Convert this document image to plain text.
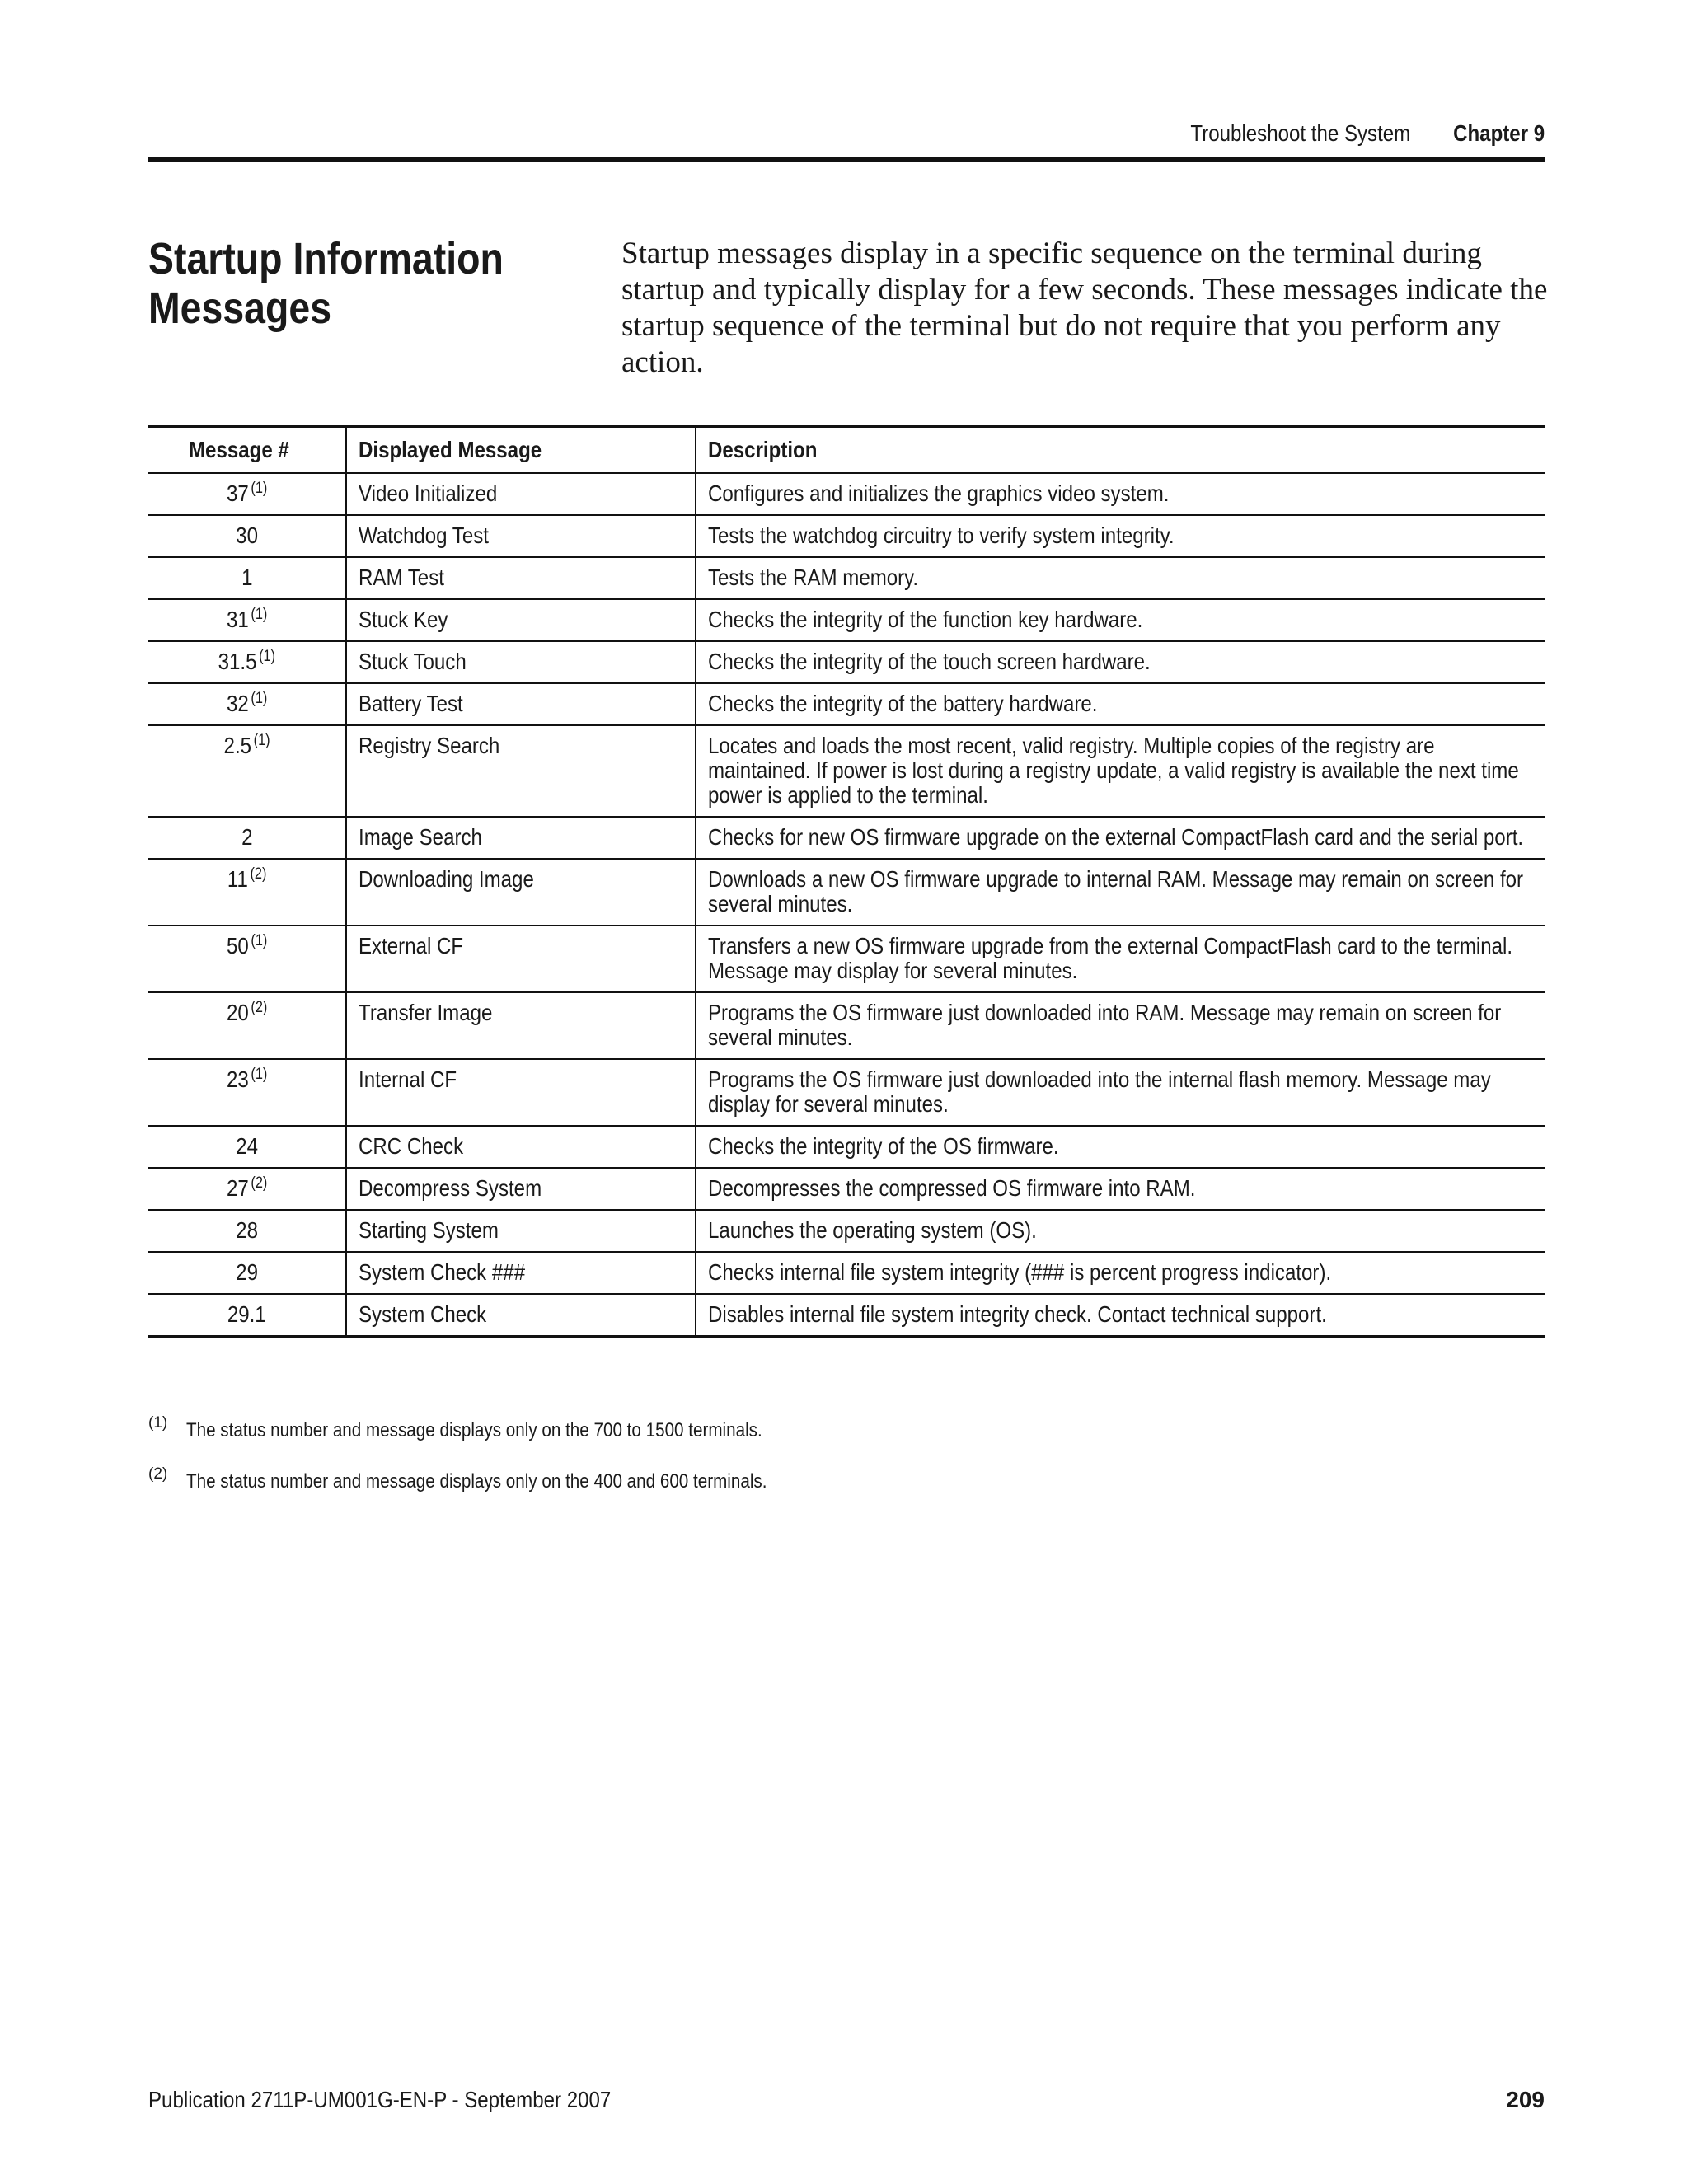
Troubleshoot the System Chapter 9
Startup Information Messages

Startup messages display in a specific sequence on the terminal during startup and typically display for a few seconds. These messages indicate the startup sequence of the terminal but do not require that you perform any action.

Message #	Displayed Message	Description
37 $^{(1)}$	Video Initialized	Configures and initializes the graphics video system.

30	Watchdog Test	Tests the watchdog circuitry to verify system integrity.

1	RAM Test	Tests the RAM memory.

31 $^{(1)}$	Stuck Key	Checks the integrity of the function key hardware.

31.5 $^{(1)}$	Stuck Touch	Checks the integrity of the touch screen hardware.

32 $^{(1)}$	Battery Test	Checks the integrity of the battery hardware.

2.5 $^{(1)}$	Registry Search	Locates and loads the most recent, valid registry. Multiple copies of the registry are maintained. If power is lost during a registry update, a valid registry is available the next time power is applied to the terminal.

2	Image Search	Checks for new OS firmware upgrade on the external CompactFlash card and the serial port.

11 $^{(2)}$	Downloading Image	Downloads a new OS firmware upgrade to internal RAM. Message may remain on screen for several minutes.

50 $^{(1)}$	External CF	Transfers a new OS firmware upgrade from the external CompactFlash card to the terminal. Message may display for several minutes.

20 $^{(2)}$	Transfer Image	Programs the OS firmware just downloaded into RAM. Message may remain on screen for several minutes.

23 $^{(1)}$	Internal CF	Programs the OS firmware just downloaded into the internal flash memory. Message may display for several minutes.

24	CRC Check	Checks the integrity of the OS firmware.

27 $^{(2)}$	Decompress System	Decompresses the compressed OS firmware into RAM.

28	Starting System	Launches the operating system (OS).

29	System Check ###	Checks internal file system integrity (### is percent progress indicator).

29.1	System Check	Disables internal file system integrity check. Contact technical support.
(1) The status number and message displays only on the 700 to 1500 terminals.
(2) The status number and message displays only on the 400 and 600 terminals.
Publication 2711P-UM001G-EN-P - September 2007	209
